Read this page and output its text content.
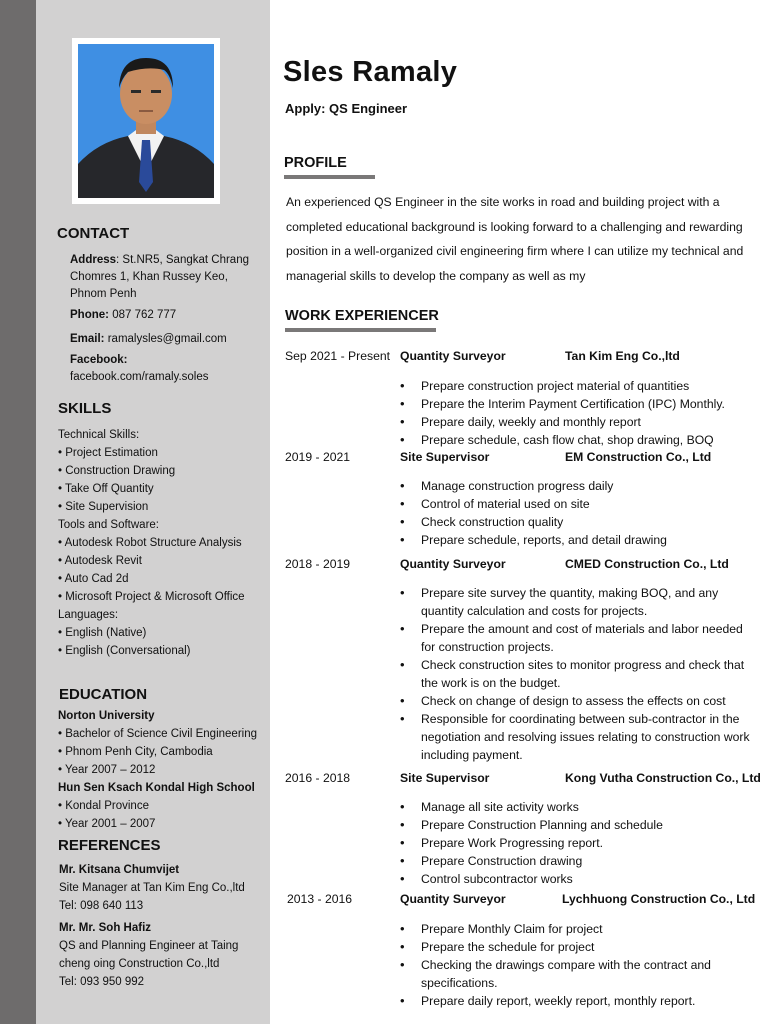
CONTACT
Address: St.NR5, Sangkat Chrang Chomres 1, Khan Russey Keo, Phnom Penh
Phone: 087 762 777
Email: ramalysles@gmail.com
Facebook:
facebook.com/ramaly.soles
SKILLS
Technical Skills:
• Project Estimation
• Construction Drawing
• Take Off Quantity
• Site Supervision
Tools and Software:
• Autodesk Robot Structure Analysis
• Autodesk Revit
• Auto Cad 2d
• Microsoft Project & Microsoft Office
Languages:
• English (Native)
• English (Conversational)
EDUCATION
Norton University
• Bachelor of Science Civil Engineering
• Phnom Penh City, Cambodia
• Year 2007 – 2012
Hun Sen Ksach Kondal High School
• Kondal Province
• Year 2001 – 2007
REFERENCES
Mr. Kitsana Chumvijet
Site Manager at Tan Kim Eng Co.,ltd
Tel: 098 640 113
Mr. Mr. Soh Hafiz
QS and Planning Engineer at Taing cheng oing Construction Co.,ltd
Tel: 093 950 992
Sles Ramaly
Apply: QS Engineer
PROFILE
An experienced QS Engineer in the site works in road and building project with a completed educational background is looking forward to a challenging and rewarding position in a well-organized civil engineering firm where I can utilize my technical and managerial skills to develop the company as well as my
WORK EXPERIENCER
Sep 2021 - Present Quantity Surveyor	Tan Kim Eng Co.,ltd
• Prepare construction project material of quantities
• Prepare the Interim Payment Certification (IPC) Monthly.
• Prepare daily, weekly and monthly report
• Prepare schedule, cash flow chat, shop drawing, BOQ
2019 - 2021	Site Supervisor	EM Construction Co., Ltd
• Manage construction progress daily
• Control of material used on site
• Check construction quality
• Prepare schedule, reports, and detail drawing
2018 - 2019	Quantity Surveyor	CMED Construction Co., Ltd
• Prepare site survey the quantity, making BOQ, and any quantity calculation and costs for projects.
• Prepare the amount and cost of materials and labor needed for construction projects.
• Check construction sites to monitor progress and check that the work is on the budget.
• Check on change of design to assess the effects on cost
• Responsible for coordinating between sub-contractor in the negotiation and resolving issues relating to construction work including payment.
2016 - 2018	Site Supervisor	Kong Vutha Construction Co., Ltd
• Manage all site activity works
• Prepare Construction Planning and schedule
• Prepare Work Progressing report.
• Prepare Construction drawing
• Control subcontractor works
2013 - 2016	Quantity Surveyor	Lychhuong Construction Co., Ltd
• Prepare Monthly Claim for project
• Prepare the schedule for project
• Checking the drawings compare with the contract and specifications.
• Prepare daily report, weekly report, monthly report.
